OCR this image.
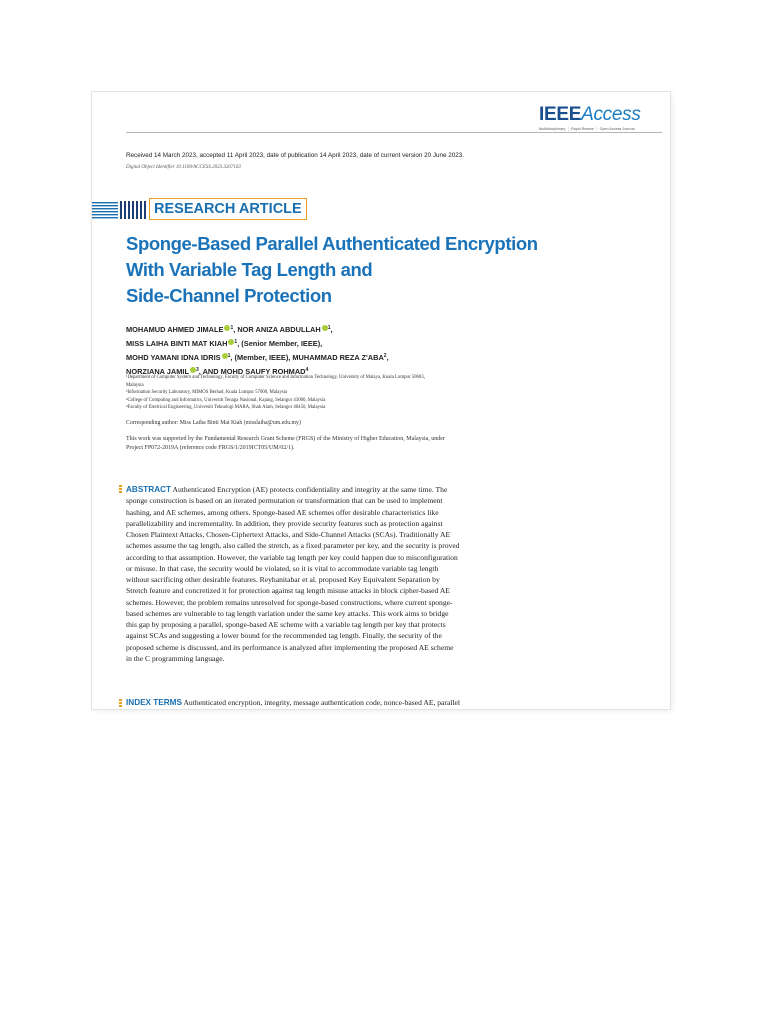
IEEEAccess
Multidisciplinary ⋮ Rapid Review ⋮ Open Access Journal
Received 14 March 2023, accepted 11 April 2023, date of publication 14 April 2023, date of current version 20 June 2023.
Digital Object Identifier 10.1109/ACCESS.2023.3267163
RESEARCH ARTICLE
Sponge-Based Parallel Authenticated Encryption
With Variable Tag Length and
Side-Channel Protection
MOHAMUD AHMED JIMALE $^1$, NOR ANIZA ABDULLAH $^1$,
MISS LAIHA BINTI MAT KIAH $^1$, (Senior Member, IEEE),
MOHD YAMANI IDNA IDRIS $^1$, (Member, IEEE), MUHAMMAD REZA Z'ABA$^2$,
NORZIANA JAMIL $^3$, AND MOHD SAUFY ROHMAD$^4$
¹Department of Computer System and Technology, Faculty of Computer Science and Information Technology, University of Malaya, Kuala Lumpur 50603,
Malaysia
²Information Security Laboratory, MIMOS Berhad, Kuala Lumpur 57000, Malaysia
³College of Computing and Informatics, Universiti Tenaga Nasional, Kajang, Selangor 43000, Malaysia
⁴Faculty of Electrical Engineering, Universiti Teknologi MARA, Shah Alam, Selangor 40450, Malaysia
Corresponding author: Miss Laiha Binti Mat Kiah (misslaiha@um.edu.my)
This work was supported by the Fundamental Research Grant Scheme (FRGS) of the Ministry of Higher Education, Malaysia, under
Project FP072-2019A (reference code FRGS/1/2019ICT05/UM/02/1).
ABSTRACT Authenticated Encryption (AE) protects confidentiality and integrity at the same time. The
sponge construction is based on an iterated permutation or transformation that can be used to implement
hashing, and AE schemes, among others. Sponge-based AE schemes offer desirable characteristics like
parallelizability and incrementality. In addition, they provide security features such as protection against
Chosen Plaintext Attacks, Chosen-Ciphertext Attacks, and Side-Channel Attacks (SCAs). Traditionally AE
schemes assume the tag length, also called the stretch, as a fixed parameter per key, and the security is proved
according to that assumption. However, the variable tag length per key could happen due to misconfiguration
or misuse. In that case, the security would be violated, so it is vital to accommodate variable tag length
without sacrificing other desirable features. Reyhanitabar et al. proposed Key Equivalent Separation by
Stretch feature and concretized it for protection against tag length misuse attacks in block cipher-based AE
schemes. However, the problem remains unresolved for sponge-based constructions, where current sponge-
based schemes are vulnerable to tag length variation under the same key attacks. This work aims to bridge
this gap by proposing a parallel, sponge-based AE scheme with a variable tag length per key that protects
against SCAs and suggesting a lower bound for the recommended tag length. Finally, the security of the
proposed scheme is discussed, and its performance is analyzed after implementing the proposed AE scheme
in the C programming language.
INDEX TERMS Authenticated encryption, integrity, message authentication code, nonce-based AE, parallel
